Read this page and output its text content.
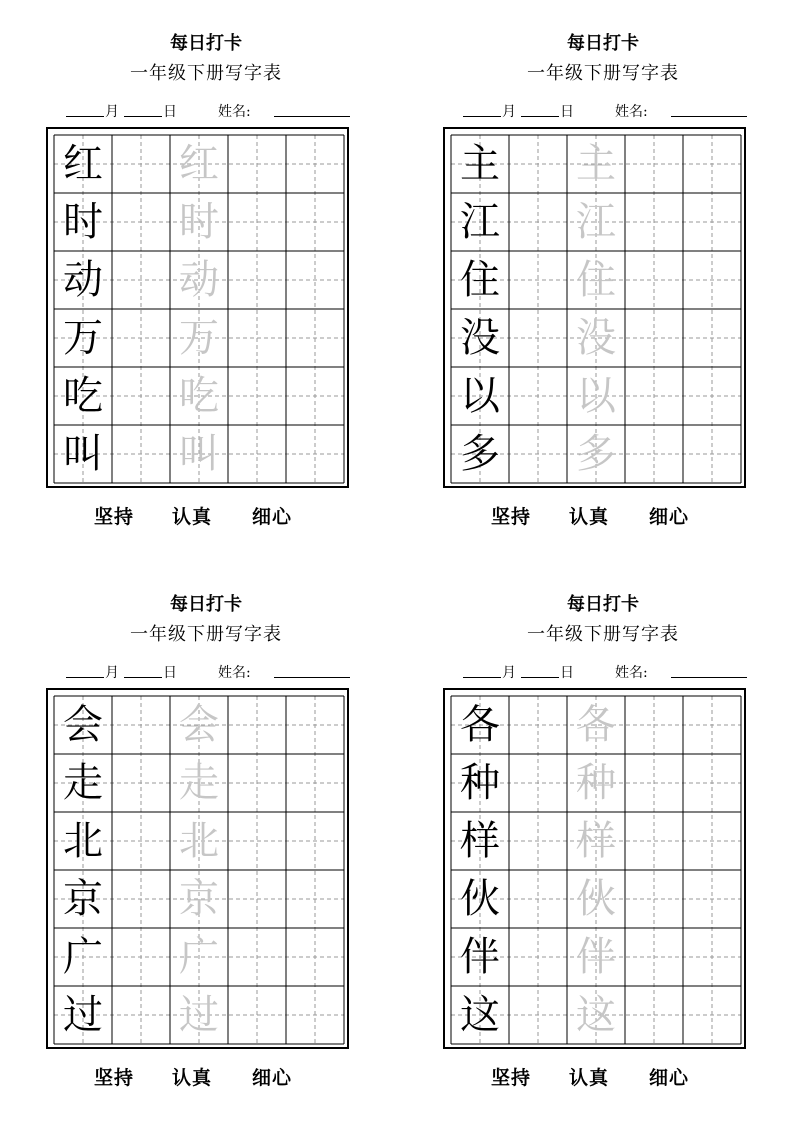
每日打卡
一年级下册写字表
月	日	姓名:
红 红
时 时
动 动
万 万
吃 吃
叫 叫
坚持 认真 细心
每日打卡
一年级下册写字表
月	日	姓名:
主 主
江 江
住 住
没 没
以 以
多 多
坚持 认真 细心
每日打卡
一年级下册写字表
月	日	姓名:
会 会
走 走
北 北
京 京
广 广
过 过
坚持 认真 细心
每日打卡
一年级下册写字表
月	日	姓名:
各 各
种 种
样 样
伙 伙
伴 伴
这 这
坚持 认真 细心
